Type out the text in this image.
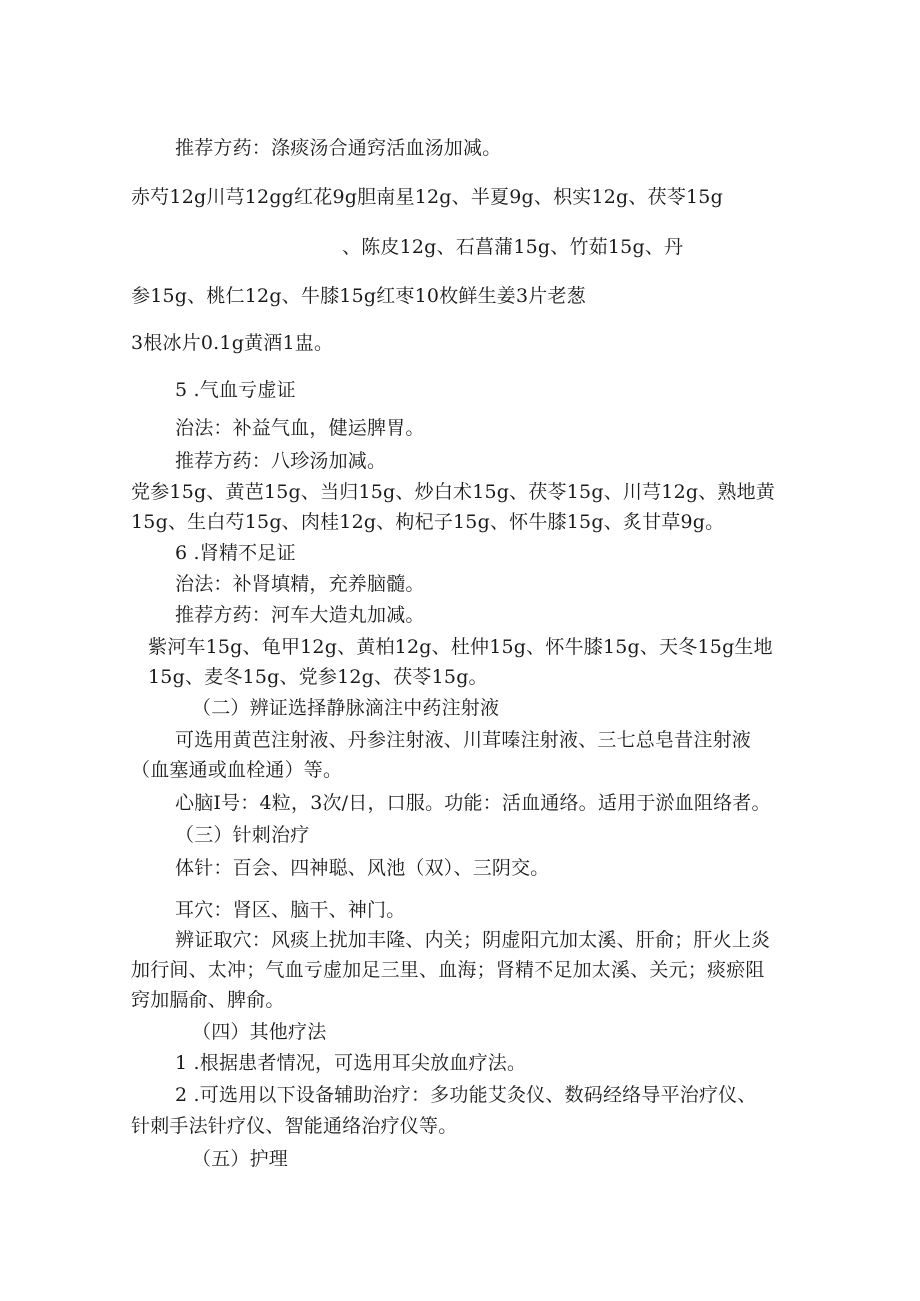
推荐方药：涤痰汤合通窍活血汤加减。
赤芍12g川芎12gg红花9g胆南星12g、半夏9g、枳实12g、茯苓15g
、陈皮12g、石菖蒲15g、竹茹15g、丹
参15g、桃仁12g、牛膝15g红枣10枚鲜生姜3片老葱
3根冰片0.1g黄酒1盅。
5 .气血亏虚证
治法：补益气血，健运脾胃。
推荐方药：八珍汤加减。
党参15g、黄芭15g、当归15g、炒白术15g、茯苓15g、川芎12g、熟地黄
15g、生白芍15g、肉桂12g、枸杞子15g、怀牛膝15g、炙甘草9g。
6 .肾精不足证
治法：补肾填精，充养脑髓。
推荐方药：河车大造丸加减。
紫河车15g、龟甲12g、黄柏12g、杜仲15g、怀牛膝15g、天冬15g生地
15g、麦冬15g、党参12g、茯苓15g。
（二）辨证选择静脉滴注中药注射液
可选用黄芭注射液、丹参注射液、川茸嗪注射液、三七总皂昔注射液
（血塞通或血栓通）等。
心脑Ⅰ号：4粒，3次/日，口服。功能：活血通络。适用于淤血阻络者。
（三）针刺治疗
体针：百会、四神聪、风池（双）、三阴交。
耳穴：肾区、脑干、神门。
辨证取穴：风痰上扰加丰隆、内关；阴虚阳亢加太溪、肝俞；肝火上炎
加行间、太冲；气血亏虚加足三里、血海；肾精不足加太溪、关元；痰瘀阻
窍加膈俞、脾俞。
（四）其他疗法
1 .根据患者情况，可选用耳尖放血疗法。
2 .可选用以下设备辅助治疗：多功能艾灸仪、数码经络导平治疗仪、
针刺手法针疗仪、智能通络治疗仪等。
（五）护理
